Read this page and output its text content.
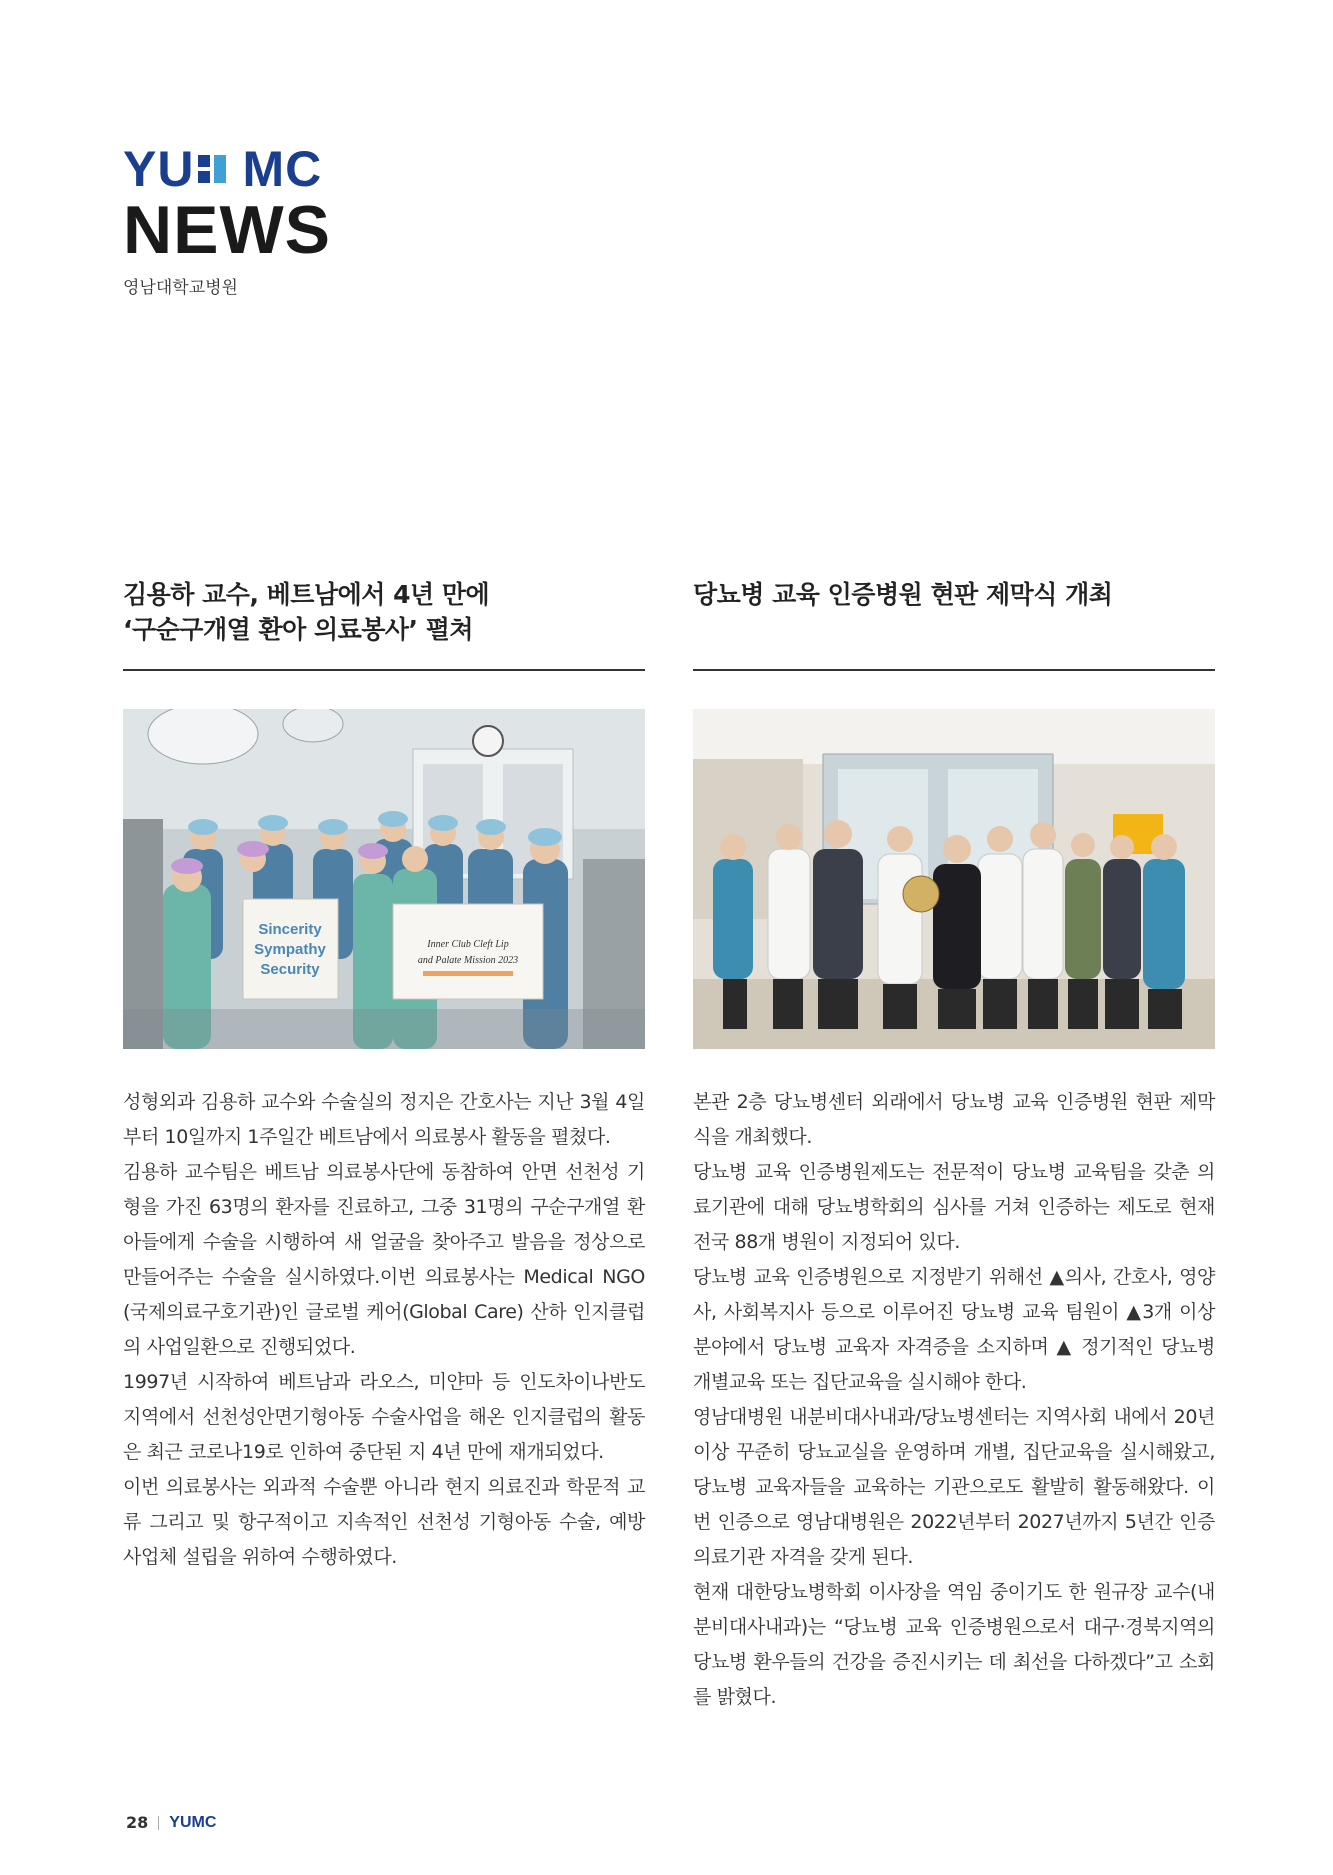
YU MC
NEWS
영남대학교병원
김용하 교수, 베트남에서 4년 만에
‘구순구개열 환아 의료봉사’ 펼쳐
Sincerity
Sympathy
Security
Inner Club Cleft Lip
and Palate Mission 2023

성형외과 김용하 교수와 수술실의 정지은 간호사는 지난 3월 4일부터 10일까지 1주일간 베트남에서 의료봉사 활동을 펼쳤다.

김용하 교수팀은 베트남 의료봉사단에 동참하여 안면 선천성 기형을 가진 63명의 환자를 진료하고, 그중 31명의 구순구개열 환아들에게 수술을 시행하여 새 얼굴을 찾아주고 발음을 정상으로 만들어주는 수술을 실시하였다.이번 의료봉사는 Medical NGO (국제의료구호기관)인 글로벌 케어(Global Care) 산하 인지클럽의 사업일환으로 진행되었다.

1997년 시작하여 베트남과 라오스, 미얀마 등 인도차이나반도 지역에서 선천성안면기형아동 수술사업을 해온 인지클럽의 활동은 최근 코로나19로 인하여 중단된 지 4년 만에 재개되었다.

이번 의료봉사는 외과적 수술뿐 아니라 현지 의료진과 학문적 교류 그리고 및 항구적이고 지속적인 선천성 기형아동 수술, 예방 사업체 설립을 위하여 수행하였다.

당뇨병 교육 인증병원 현판 제막식 개최

본관 2층 당뇨병센터 외래에서 당뇨병 교육 인증병원 현판 제막식을 개최했다.

당뇨병 교육 인증병원제도는 전문적이 당뇨병 교육팀을 갖춘 의료기관에 대해 당뇨병학회의 심사를 거쳐 인증하는 제도로 현재 전국 88개 병원이 지정되어 있다.

당뇨병 교육 인증병원으로 지정받기 위해선 ▲의사, 간호사, 영양사, 사회복지사 등으로 이루어진 당뇨병 교육 팀원이 ▲3개 이상 분야에서 당뇨병 교육자 자격증을 소지하며 ▲ 정기적인 당뇨병 개별교육 또는 집단교육을 실시해야 한다.

영남대병원 내분비대사내과/당뇨병센터는 지역사회 내에서 20년 이상 꾸준히 당뇨교실을 운영하며 개별, 집단교육을 실시해왔고, 당뇨병 교육자들을 교육하는 기관으로도 활발히 활동해왔다. 이번 인증으로 영남대병원은 2022년부터 2027년까지 5년간 인증 의료기관 자격을 갖게 된다.

현재 대한당뇨병학회 이사장을 역임 중이기도 한 원규장 교수(내분비대사내과)는 “당뇨병 교육 인증병원으로서 대구·경북지역의 당뇨병 환우들의 건강을 증진시키는 데 최선을 다하겠다”고 소회를 밝혔다.

28 YUMC
